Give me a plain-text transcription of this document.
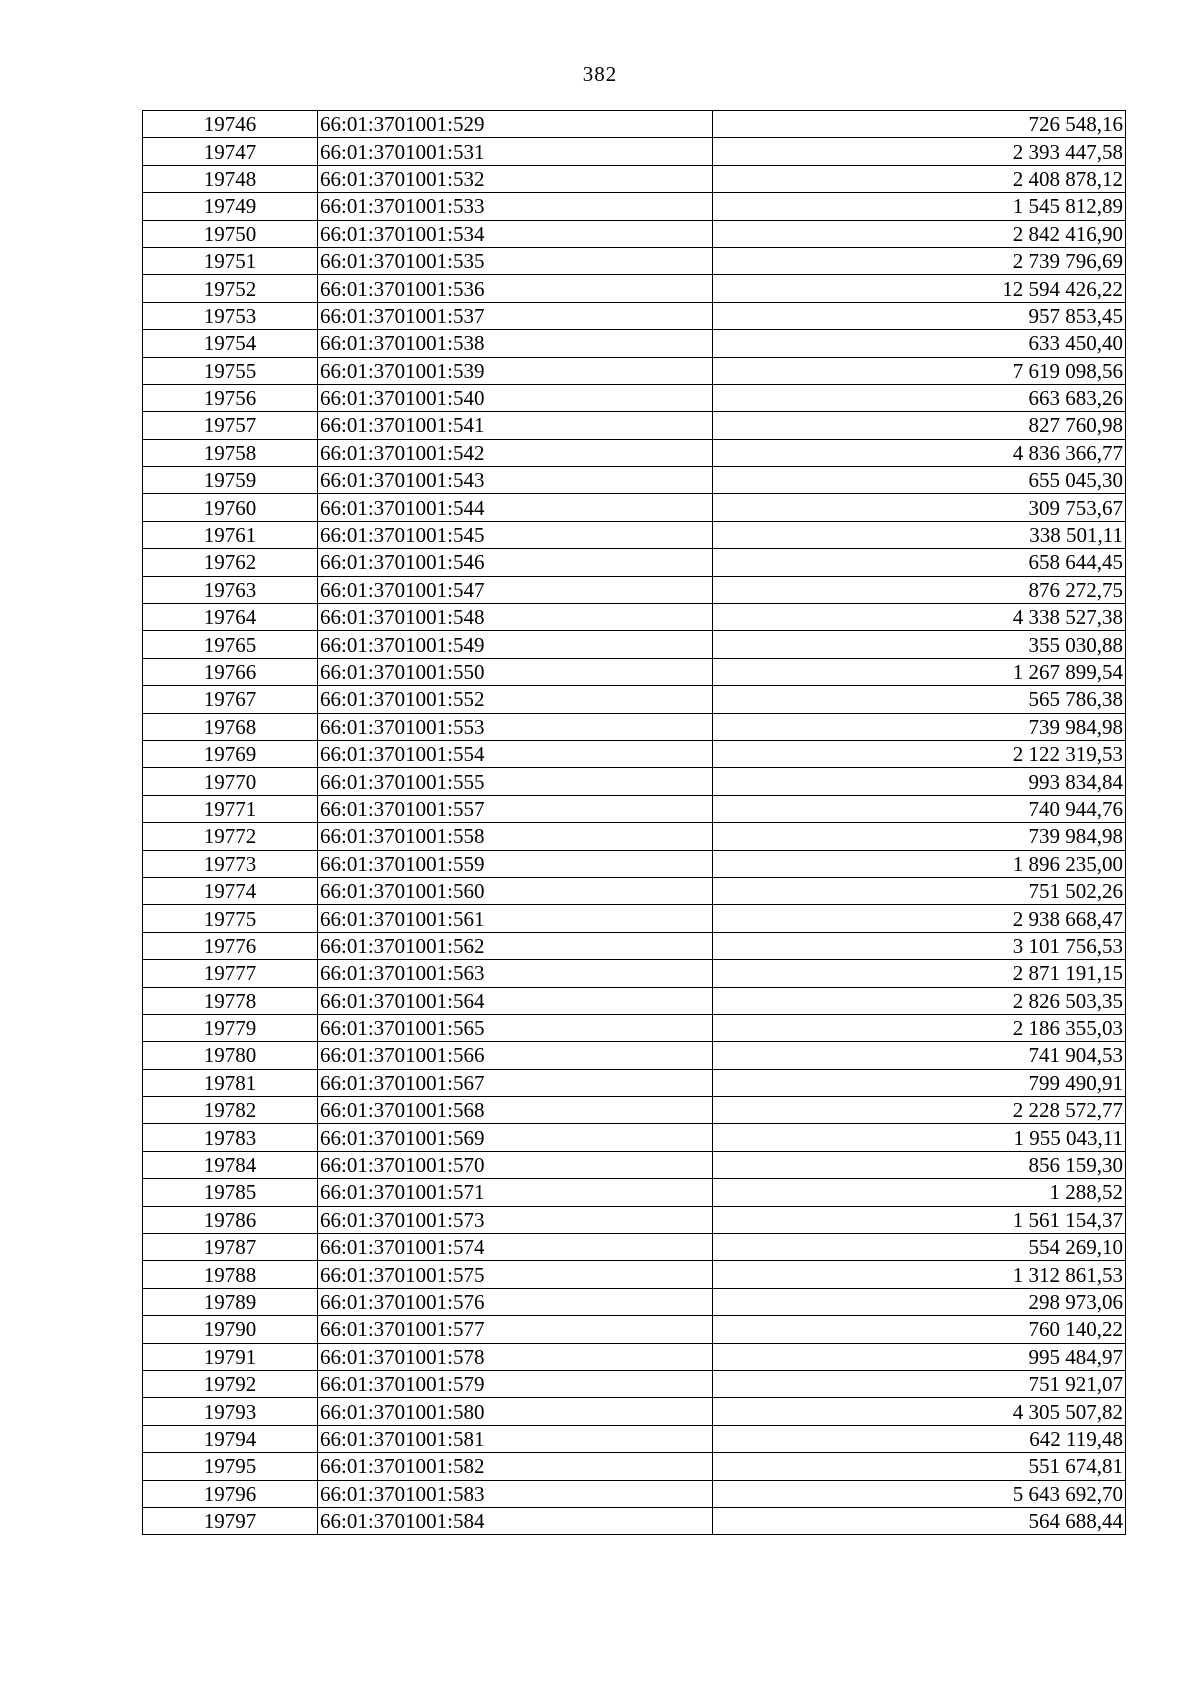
382
19746	66:01:3701001:529	726 548,16
19747	66:01:3701001:531	2 393 447,58
19748	66:01:3701001:532	2 408 878,12
19749	66:01:3701001:533	1 545 812,89
19750	66:01:3701001:534	2 842 416,90
19751	66:01:3701001:535	2 739 796,69
19752	66:01:3701001:536	12 594 426,22
19753	66:01:3701001:537	957 853,45
19754	66:01:3701001:538	633 450,40
19755	66:01:3701001:539	7 619 098,56
19756	66:01:3701001:540	663 683,26
19757	66:01:3701001:541	827 760,98
19758	66:01:3701001:542	4 836 366,77
19759	66:01:3701001:543	655 045,30
19760	66:01:3701001:544	309 753,67
19761	66:01:3701001:545	338 501,11
19762	66:01:3701001:546	658 644,45
19763	66:01:3701001:547	876 272,75
19764	66:01:3701001:548	4 338 527,38
19765	66:01:3701001:549	355 030,88
19766	66:01:3701001:550	1 267 899,54
19767	66:01:3701001:552	565 786,38
19768	66:01:3701001:553	739 984,98
19769	66:01:3701001:554	2 122 319,53
19770	66:01:3701001:555	993 834,84
19771	66:01:3701001:557	740 944,76
19772	66:01:3701001:558	739 984,98
19773	66:01:3701001:559	1 896 235,00
19774	66:01:3701001:560	751 502,26
19775	66:01:3701001:561	2 938 668,47
19776	66:01:3701001:562	3 101 756,53
19777	66:01:3701001:563	2 871 191,15
19778	66:01:3701001:564	2 826 503,35
19779	66:01:3701001:565	2 186 355,03
19780	66:01:3701001:566	741 904,53
19781	66:01:3701001:567	799 490,91
19782	66:01:3701001:568	2 228 572,77
19783	66:01:3701001:569	1 955 043,11
19784	66:01:3701001:570	856 159,30
19785	66:01:3701001:571	1 288,52
19786	66:01:3701001:573	1 561 154,37
19787	66:01:3701001:574	554 269,10
19788	66:01:3701001:575	1 312 861,53
19789	66:01:3701001:576	298 973,06
19790	66:01:3701001:577	760 140,22
19791	66:01:3701001:578	995 484,97
19792	66:01:3701001:579	751 921,07
19793	66:01:3701001:580	4 305 507,82
19794	66:01:3701001:581	642 119,48
19795	66:01:3701001:582	551 674,81
19796	66:01:3701001:583	5 643 692,70
19797	66:01:3701001:584	564 688,44
